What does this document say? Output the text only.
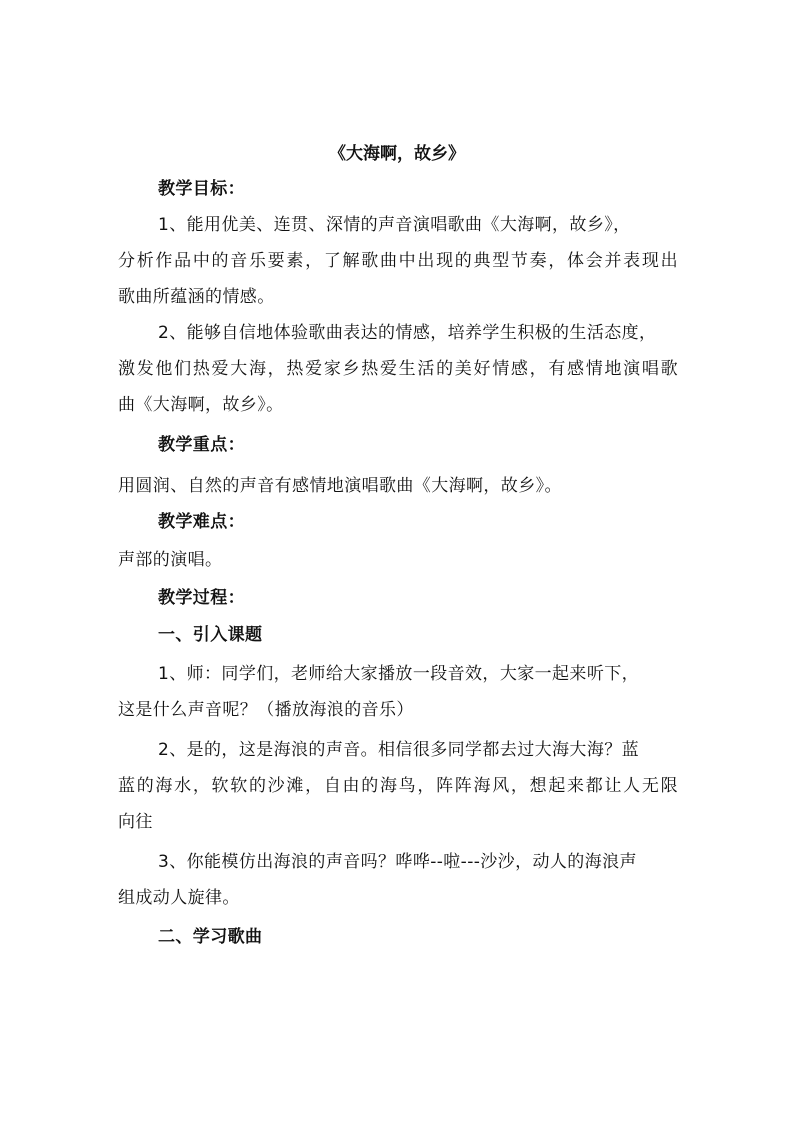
《大海啊，故乡》
教学目标：
1、能用优美、连贯、深情的声音演唱歌曲《大海啊，故乡》，
分析作品中的音乐要素，了解歌曲中出现的典型节奏，体会并表现出
歌曲所蕴涵的情感。
2、能够自信地体验歌曲表达的情感，培养学生积极的生活态度，
激发他们热爱大海，热爱家乡热爱生活的美好情感，有感情地演唱歌
曲《大海啊，故乡》。
教学重点：
用圆润、自然的声音有感情地演唱歌曲《大海啊，故乡》。
教学难点：
声部的演唱。
教学过程：
一、引入课题
1、师：同学们，老师给大家播放一段音效，大家一起来听下，
这是什么声音呢？（播放海浪的音乐）
2、是的，这是海浪的声音。相信很多同学都去过大海大海？蓝
蓝的海水，软软的沙滩，自由的海鸟，阵阵海风，想起来都让人无限
向往
3、你能模仿出海浪的声音吗？哗哗--啦---沙沙，动人的海浪声
组成动人旋律。
二、学习歌曲
